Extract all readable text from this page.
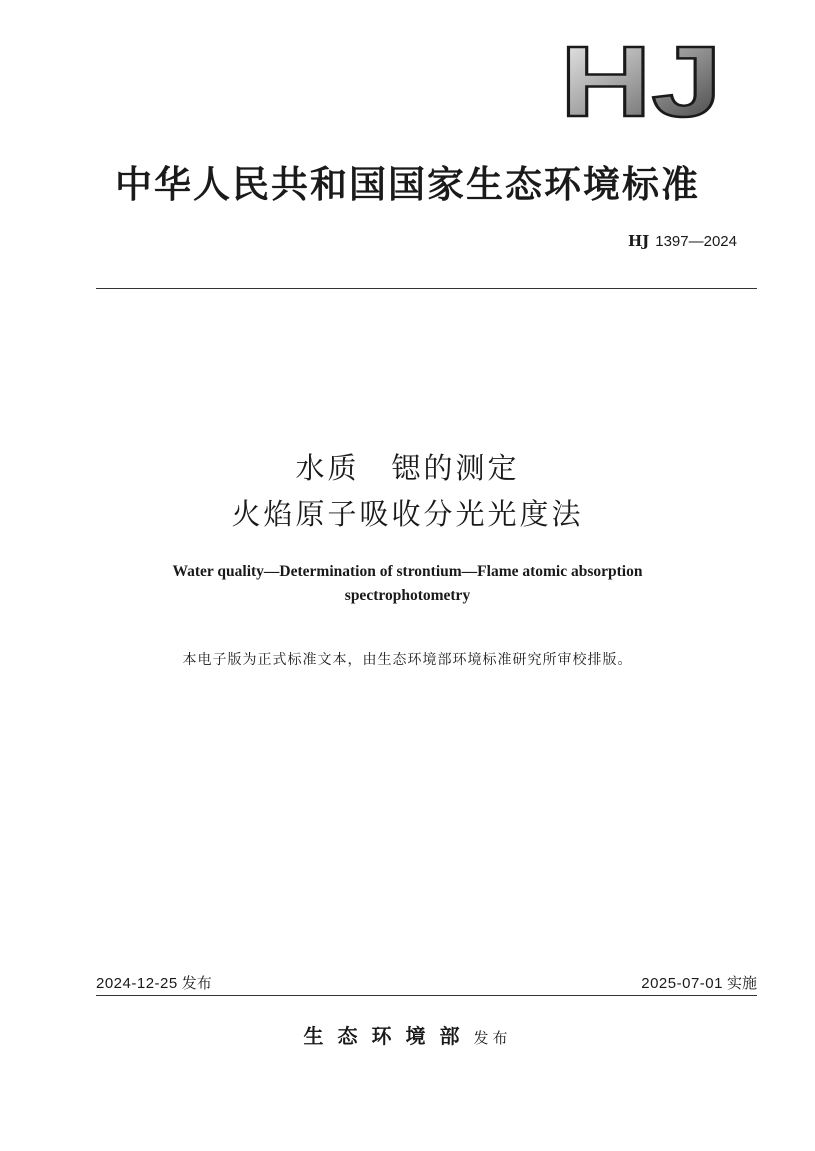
HJ
中华人民共和国国家生态环境标准
HJ 1397—2024
水质　锶的测定
火焰原子吸收分光光度法
Water quality—Determination of strontium—Flame atomic absorption
spectrophotometry
本电子版为正式标准文本，由生态环境部环境标准研究所审校排版。
2024-12-25 发布	2025-07-01 实施
生态环境部发布
